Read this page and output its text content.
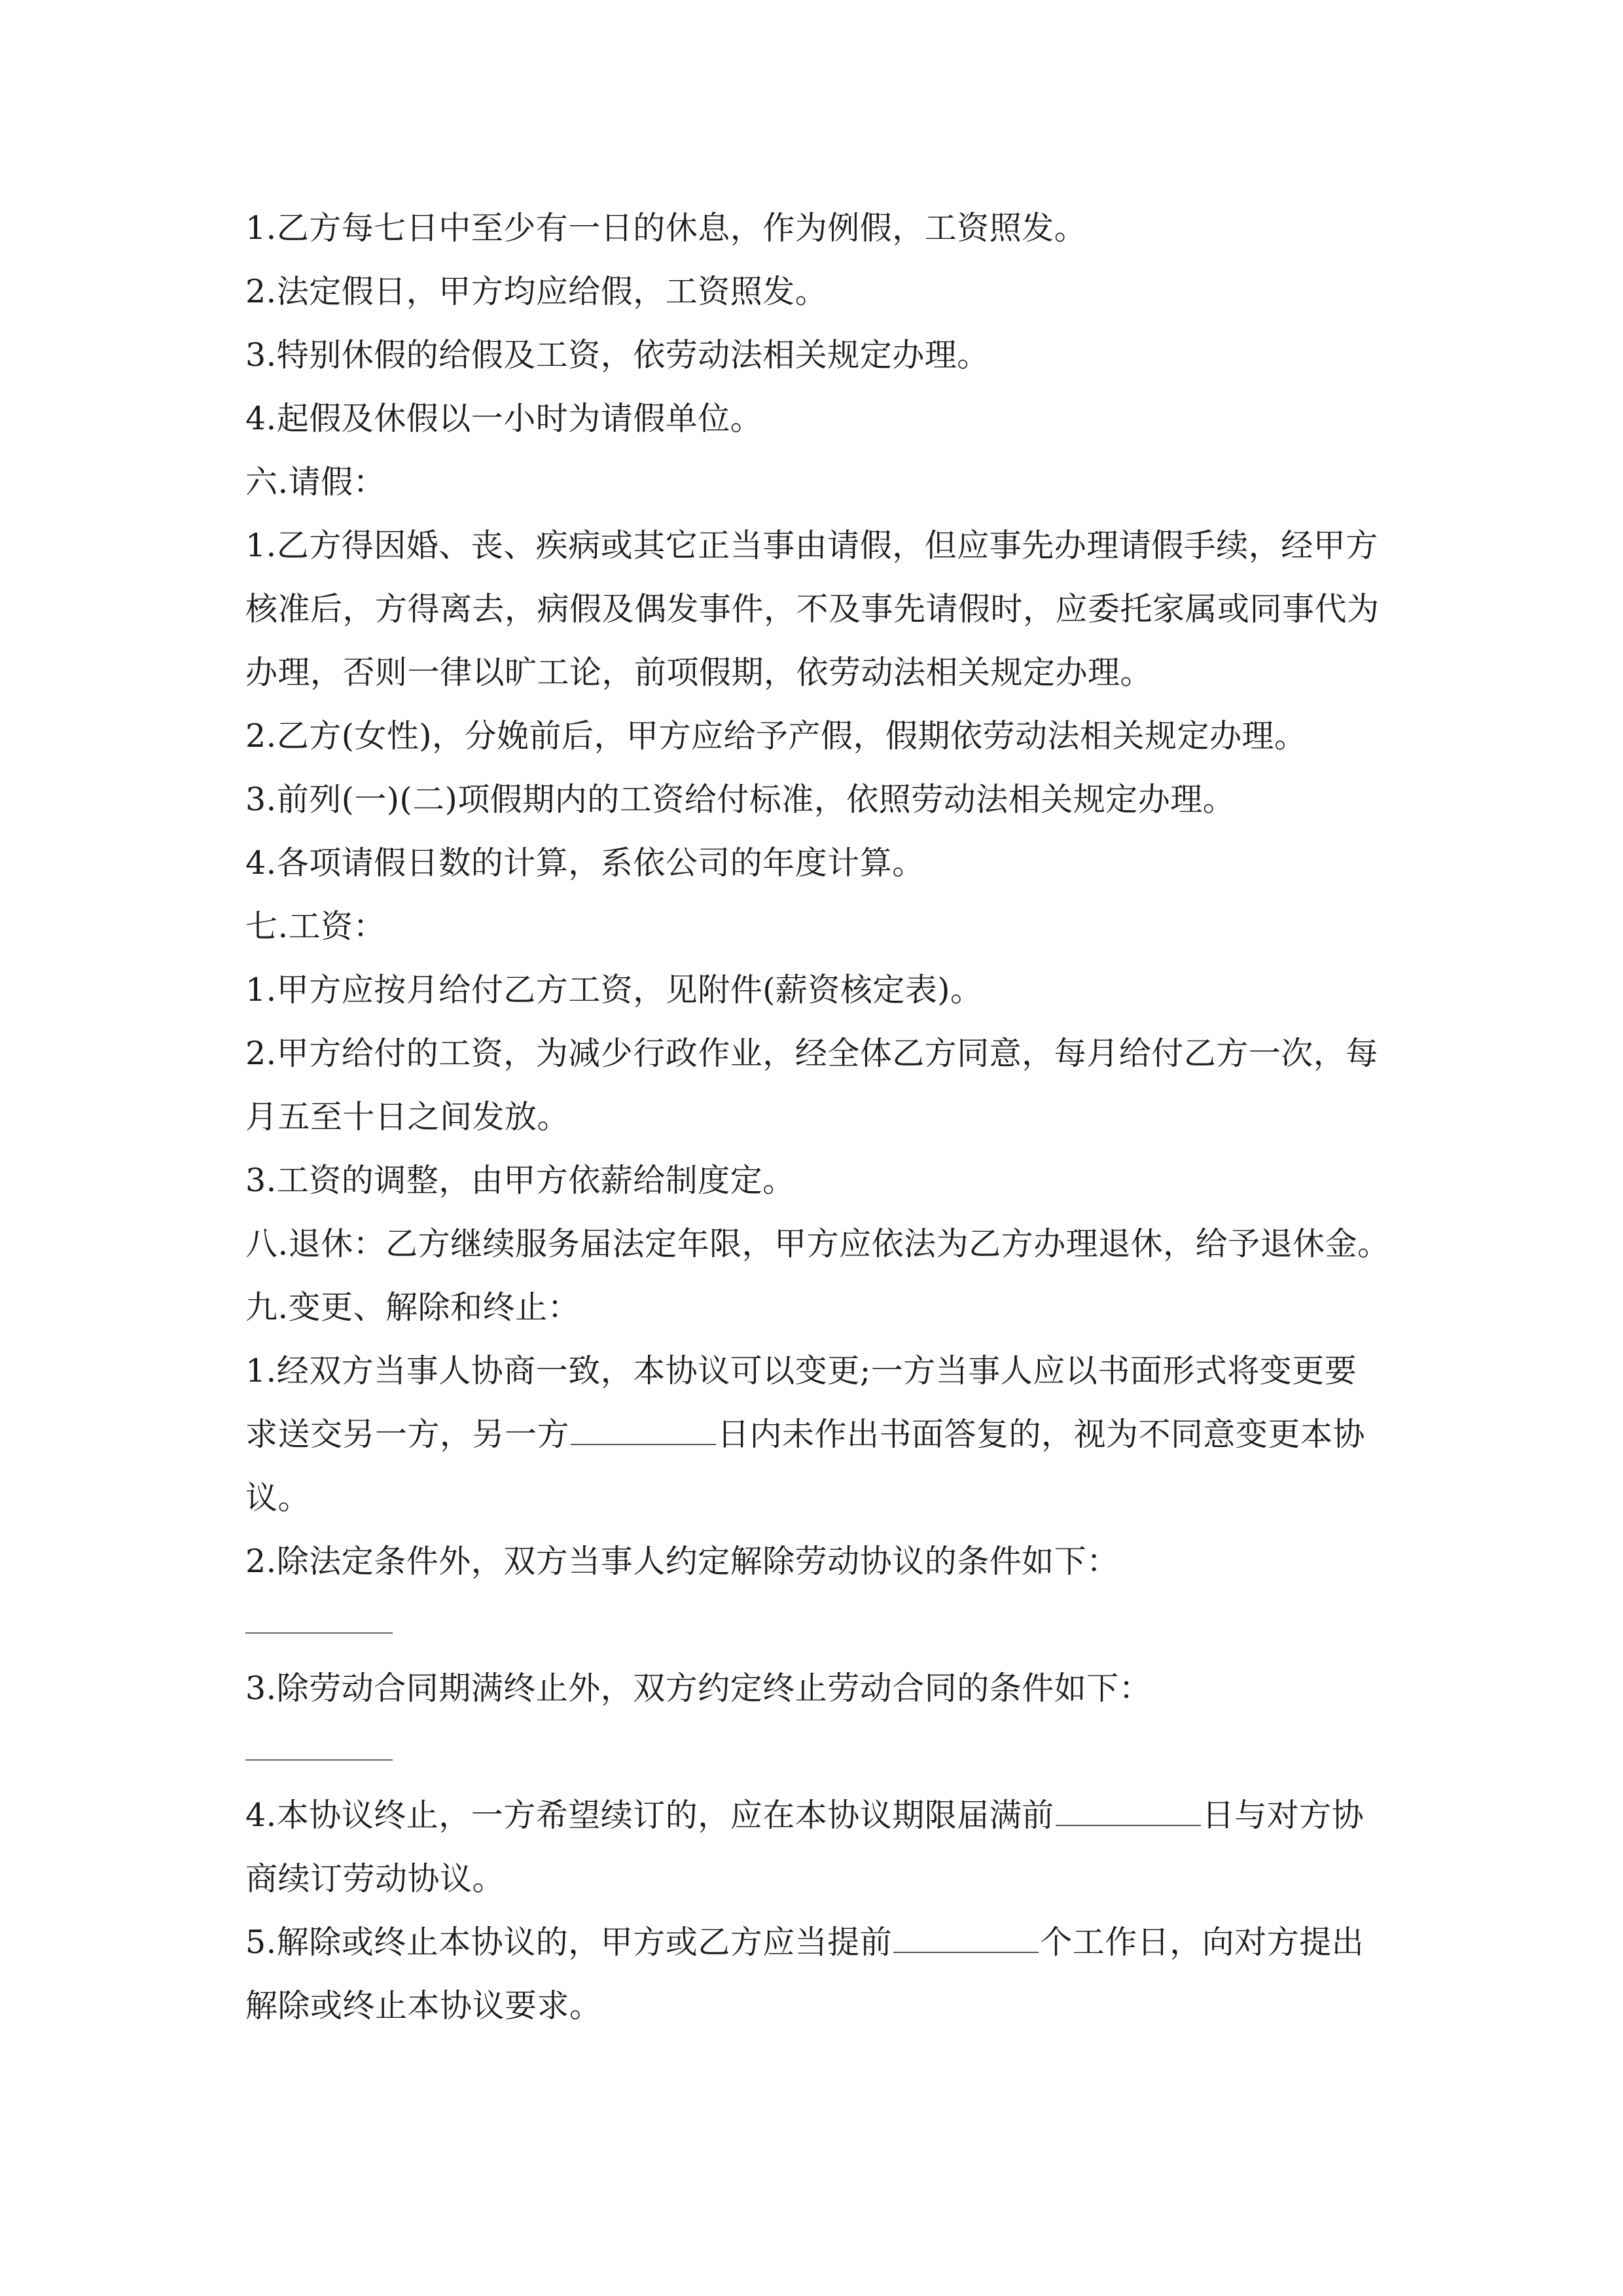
1.乙方每七日中至少有一日的休息，作为例假，工资照发。
2.法定假日，甲方均应给假，工资照发。
3.特别休假的给假及工资，依劳动法相关规定办理。
4.起假及休假以一小时为请假单位。
六.请假：
1.乙方得因婚、丧、疾病或其它正当事由请假，但应事先办理请假手续，经甲方
核准后，方得离去，病假及偶发事件，不及事先请假时，应委托家属或同事代为
办理，否则一律以旷工论，前项假期，依劳动法相关规定办理。
2.乙方(女性)，分娩前后，甲方应给予产假，假期依劳动法相关规定办理。
3.前列(一)(二)项假期内的工资给付标准，依照劳动法相关规定办理。
4.各项请假日数的计算，系依公司的年度计算。
七.工资：
1.甲方应按月给付乙方工资，见附件(薪资核定表)。
2.甲方给付的工资，为减少行政作业，经全体乙方同意，每月给付乙方一次，每
月五至十日之间发放。
3.工资的调整，由甲方依薪给制度定。
八.退休：乙方继续服务届法定年限，甲方应依法为乙方办理退休，给予退休金。
九.变更、解除和终止：
1.经双方当事人协商一致，本协议可以变更;一方当事人应以书面形式将变更要
求送交另一方，另一方	日内未作出书面答复的，视为不同意变更本协
议。
2.除法定条件外，双方当事人约定解除劳动协议的条件如下：
3.除劳动合同期满终止外，双方约定终止劳动合同的条件如下：
4.本协议终止，一方希望续订的，应在本协议期限届满前	日与对方协
商续订劳动协议。
5.解除或终止本协议的，甲方或乙方应当提前	个工作日，向对方提出
解除或终止本协议要求。
